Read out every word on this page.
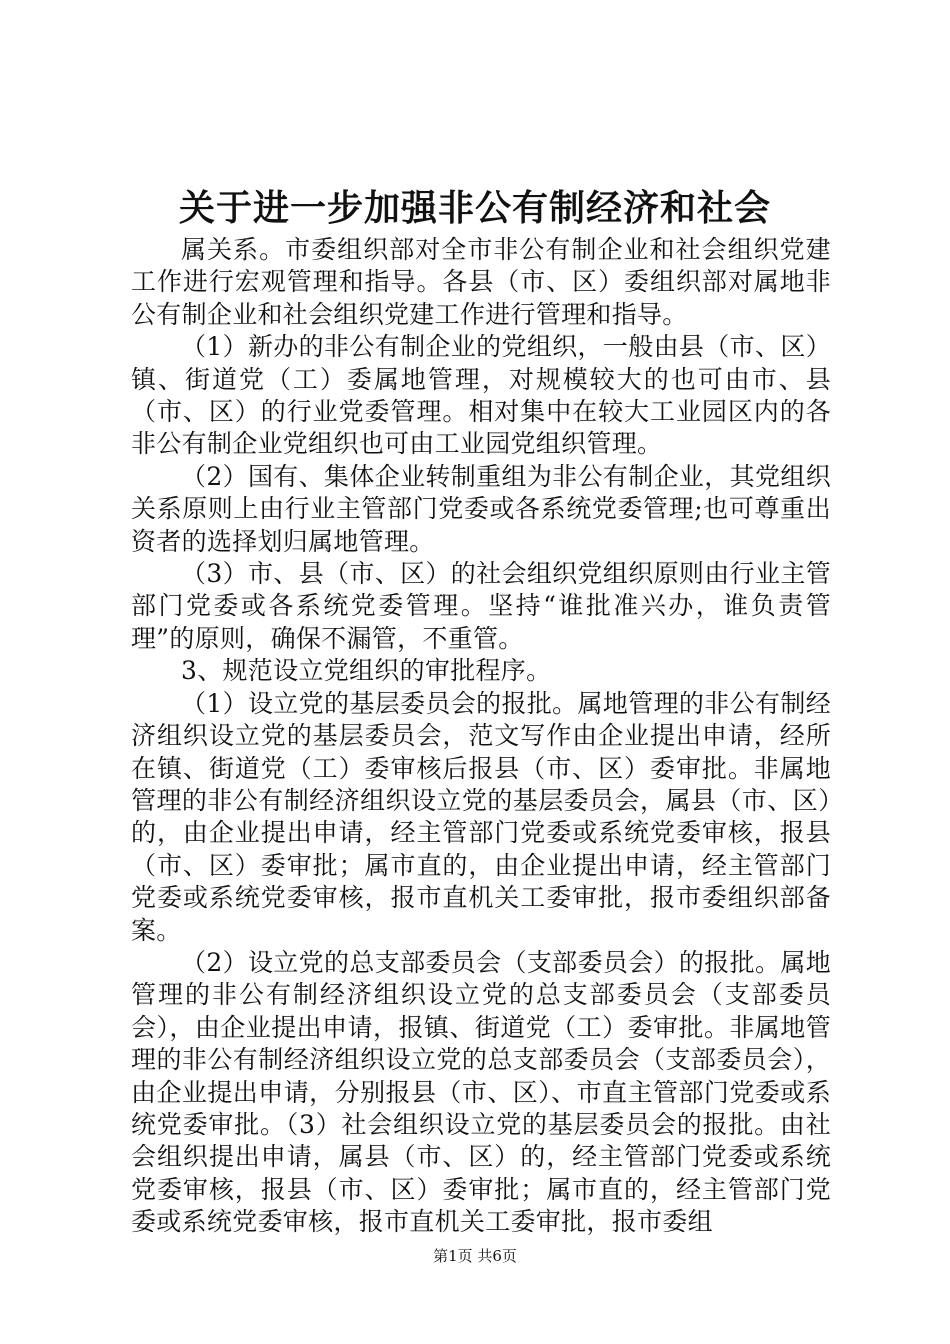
关于进一步加强非公有制经济和社会

属关系。市委组织部对全市非公有制企业和社会组织党建工作进行宏观管理和指导。各县（市、区）委组织部对属地非公有制企业和社会组织党建工作进行管理和指导。

（1）新办的非公有制企业的党组织，一般由县（市、区）镇、街道党（工）委属地管理，对规模较大的也可由市、县（市、区）的行业党委管理。相对集中在较大工业园区内的各非公有制企业党组织也可由工业园党组织管理。

（2）国有、集体企业转制重组为非公有制企业，其党组织关系原则上由行业主管部门党委或各系统党委管理;也可尊重出资者的选择划归属地管理。

（3）市、县（市、区）的社会组织党组织原则由行业主管部门党委或各系统党委管理。坚持“谁批准兴办，谁负责管理”的原则，确保不漏管，不重管。

3、规范设立党组织的审批程序。

（1）设立党的基层委员会的报批。属地管理的非公有制经济组织设立党的基层委员会，范文写作由企业提出申请，经所在镇、街道党（工）委审核后报县（市、区）委审批。非属地管理的非公有制经济组织设立党的基层委员会，属县（市、区）的，由企业提出申请，经主管部门党委或系统党委审核，报县（市、区）委审批；属市直的，由企业提出申请，经主管部门党委或系统党委审核，报市直机关工委审批，报市委组织部备案。

（2）设立党的总支部委员会（支部委员会）的报批。属地管理的非公有制经济组织设立党的总支部委员会（支部委员会），由企业提出申请，报镇、街道党（工）委审批。非属地管理的非公有制经济组织设立党的总支部委员会（支部委员会），由企业提出申请，分别报县（市、区）、市直主管部门党委或系统党委审批。（3）社会组织设立党的基层委员会的报批。由社会组织提出申请，属县（市、区）的，经主管部门党委或系统党委审核，报县（市、区）委审批；属市直的，经主管部门党委或系统党委审核，报市直机关工委审批，报市委组

第1页 共6页
